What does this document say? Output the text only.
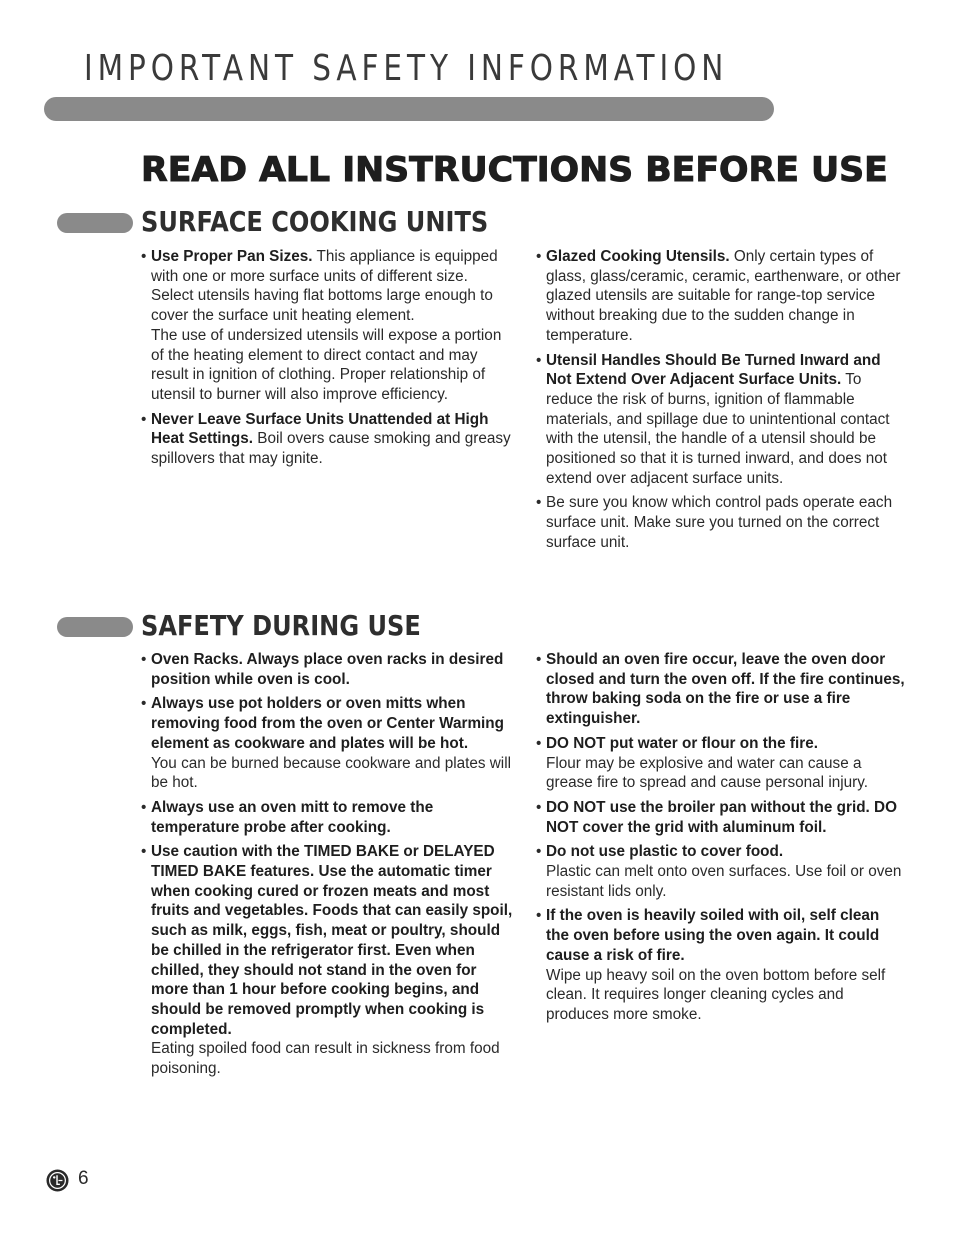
IMPORTANT SAFETY INFORMATION
READ ALL INSTRUCTIONS BEFORE USE
SURFACE COOKING UNITS
• Use Proper Pan Sizes. This appliance is equipped with one or more surface units of different size. Select utensils having flat bottoms large enough to cover the surface unit heating element.
The use of undersized utensils will expose a portion of the heating element to direct contact and may result in ignition of clothing. Proper relationship of utensil to burner will also improve efficiency.
• Never Leave Surface Units Unattended at High Heat Settings. Boil overs cause smoking and greasy spillovers that may ignite.
• Glazed Cooking Utensils. Only certain types of glass, glass/ceramic, ceramic, earthenware, or other glazed utensils are suitable for range-top service without breaking due to the sudden change in temperature.
• Utensil Handles Should Be Turned Inward and Not Extend Over Adjacent Surface Units. To reduce the risk of burns, ignition of flammable materials, and spillage due to unintentional contact with the utensil, the handle of a utensil should be positioned so that it is turned inward, and does not extend over adjacent surface units.
• Be sure you know which control pads operate each surface unit. Make sure you turned on the correct surface unit.
SAFETY DURING USE
• Oven Racks. Always place oven racks in desired position while oven is cool.
• Always use pot holders or oven mitts when removing food from the oven or Center Warming element as cookware and plates will be hot.
You can be burned because cookware and plates will be hot.
• Always use an oven mitt to remove the temperature probe after cooking.
• Use caution with the TIMED BAKE or DELAYED TIMED BAKE features. Use the automatic timer when cooking cured or frozen meats and most fruits and vegetables. Foods that can easily spoil, such as milk, eggs, fish, meat or poultry, should be chilled in the refrigerator first. Even when chilled, they should not stand in the oven for more than 1 hour before cooking begins, and should be removed promptly when cooking is completed.
Eating spoiled food can result in sickness from food poisoning.
• Should an oven fire occur, leave the oven door closed and turn the oven off. If the fire continues, throw baking soda on the fire or use a fire extinguisher.
• DO NOT put water or flour on the fire.
Flour may be explosive and water can cause a grease fire to spread and cause personal injury.
• DO NOT use the broiler pan without the grid. DO NOT cover the grid with aluminum foil.
• Do not use plastic to cover food.
Plastic can melt onto oven surfaces. Use foil or oven resistant lids only.
• If the oven is heavily soiled with oil, self clean the oven before using the oven again. It could cause a risk of fire.
Wipe up heavy soil on the oven bottom before self clean. It requires longer cleaning cycles and produces more smoke.
6
